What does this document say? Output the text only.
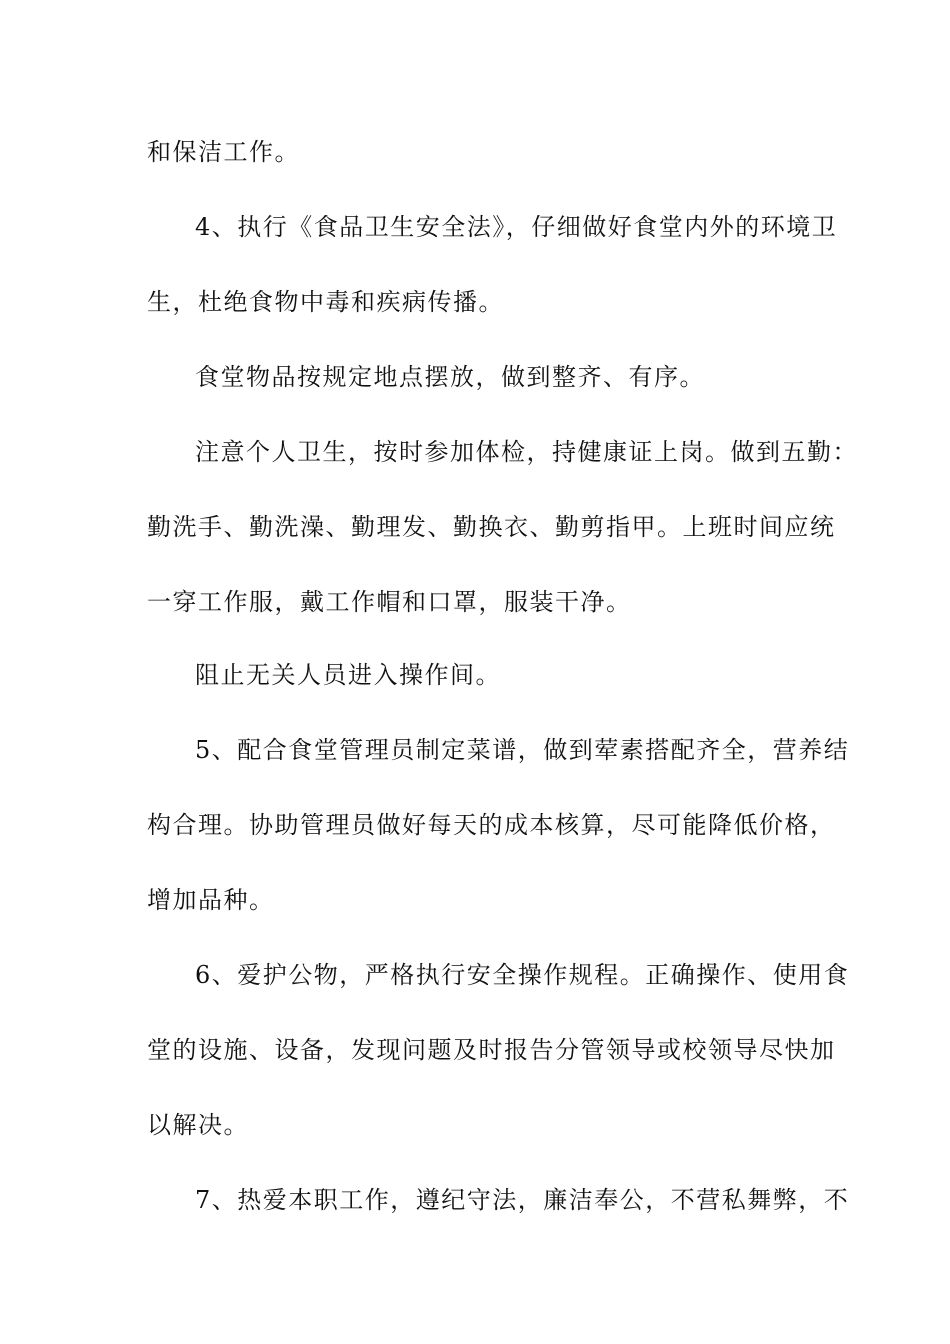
和保洁工作。
4、执行《食品卫生安全法》，仔细做好食堂内外的环境卫
生，杜绝食物中毒和疾病传播。
食堂物品按规定地点摆放，做到整齐、有序。
注意个人卫生，按时参加体检，持健康证上岗。做到五勤：
勤洗手、勤洗澡、勤理发、勤换衣、勤剪指甲。上班时间应统
一穿工作服，戴工作帽和口罩，服装干净。
阻止无关人员进入操作间。
5、配合食堂管理员制定菜谱，做到荤素搭配齐全，营养结
构合理。协助管理员做好每天的成本核算，尽可能降低价格，
增加品种。
6、爱护公物，严格执行安全操作规程。正确操作、使用食
堂的设施、设备，发现问题及时报告分管领导或校领导尽快加
以解决。
7、热爱本职工作，遵纪守法，廉洁奉公，不营私舞弊，不
